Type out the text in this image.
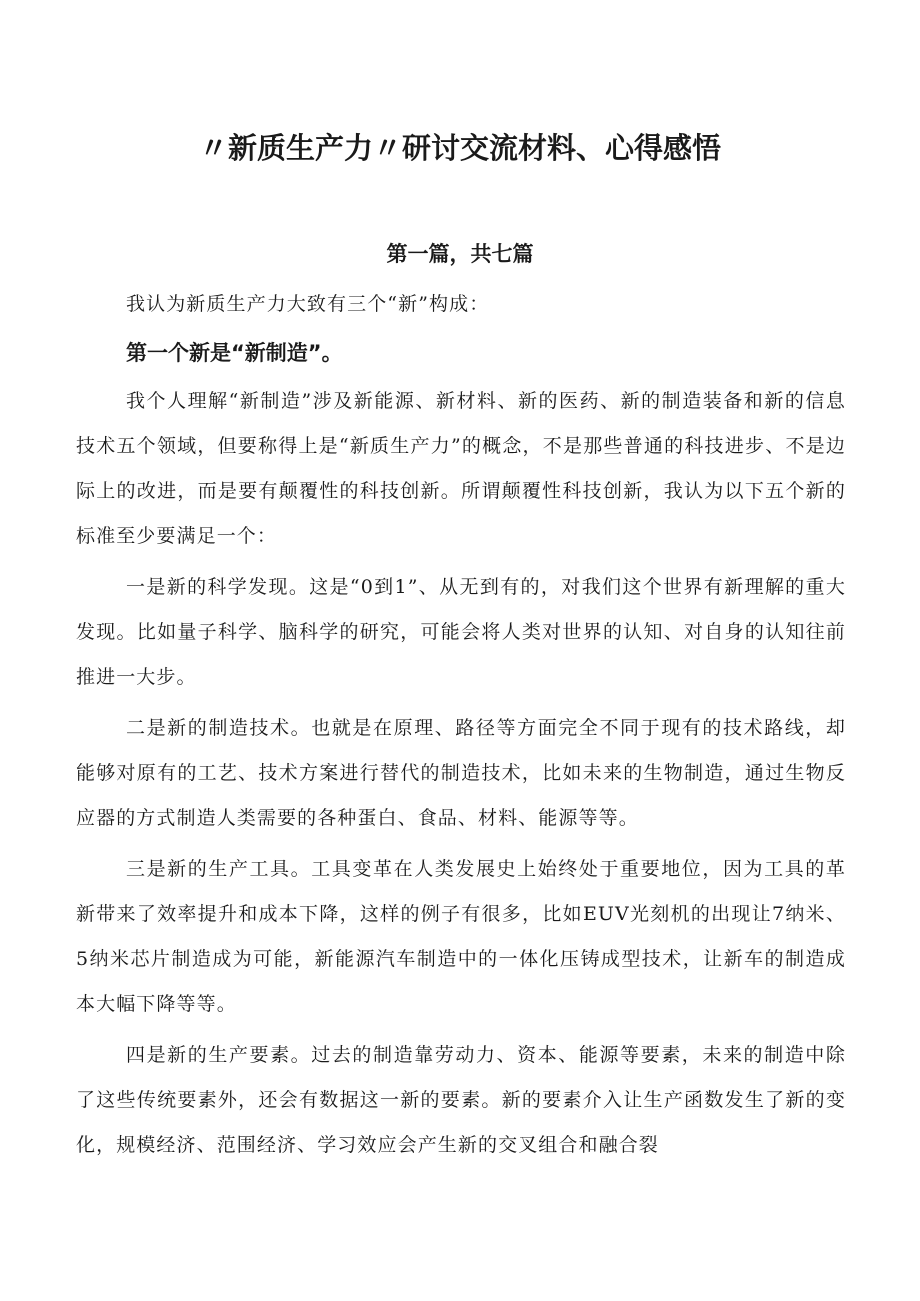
〃新质生产力〃研讨交流材料、心得感悟
第一篇，共七篇

我认为新质生产力大致有三个“新”构成：

第一个新是“新制造”。

我个人理解“新制造”涉及新能源、新材料、新的医药、新的制造装备和新的信息技术五个领域，但要称得上是“新质生产力”的概念，不是那些普通的科技进步、不是边际上的改进，而是要有颠覆性的科技创新。所谓颠覆性科技创新，我认为以下五个新的标准至少要满足一个：

一是新的科学发现。这是“0到1”、从无到有的，对我们这个世界有新理解的重大发现。比如量子科学、脑科学的研究，可能会将人类对世界的认知、对自身的认知往前推进一大步。

二是新的制造技术。也就是在原理、路径等方面完全不同于现有的技术路线，却能够对原有的工艺、技术方案进行替代的制造技术，比如未来的生物制造，通过生物反应器的方式制造人类需要的各种蛋白、食品、材料、能源等等。

三是新的生产工具。工具变革在人类发展史上始终处于重要地位，因为工具的革新带来了效率提升和成本下降，这样的例子有很多，比如EUV光刻机的出现让7纳米、5纳米芯片制造成为可能，新能源汽车制造中的一体化压铸成型技术，让新车的制造成本大幅下降等等。

四是新的生产要素。过去的制造靠劳动力、资本、能源等要素，未来的制造中除了这些传统要素外，还会有数据这一新的要素。新的要素介入让生产函数发生了新的变化，规模经济、范围经济、学习效应会产生新的交叉组合和融合裂
